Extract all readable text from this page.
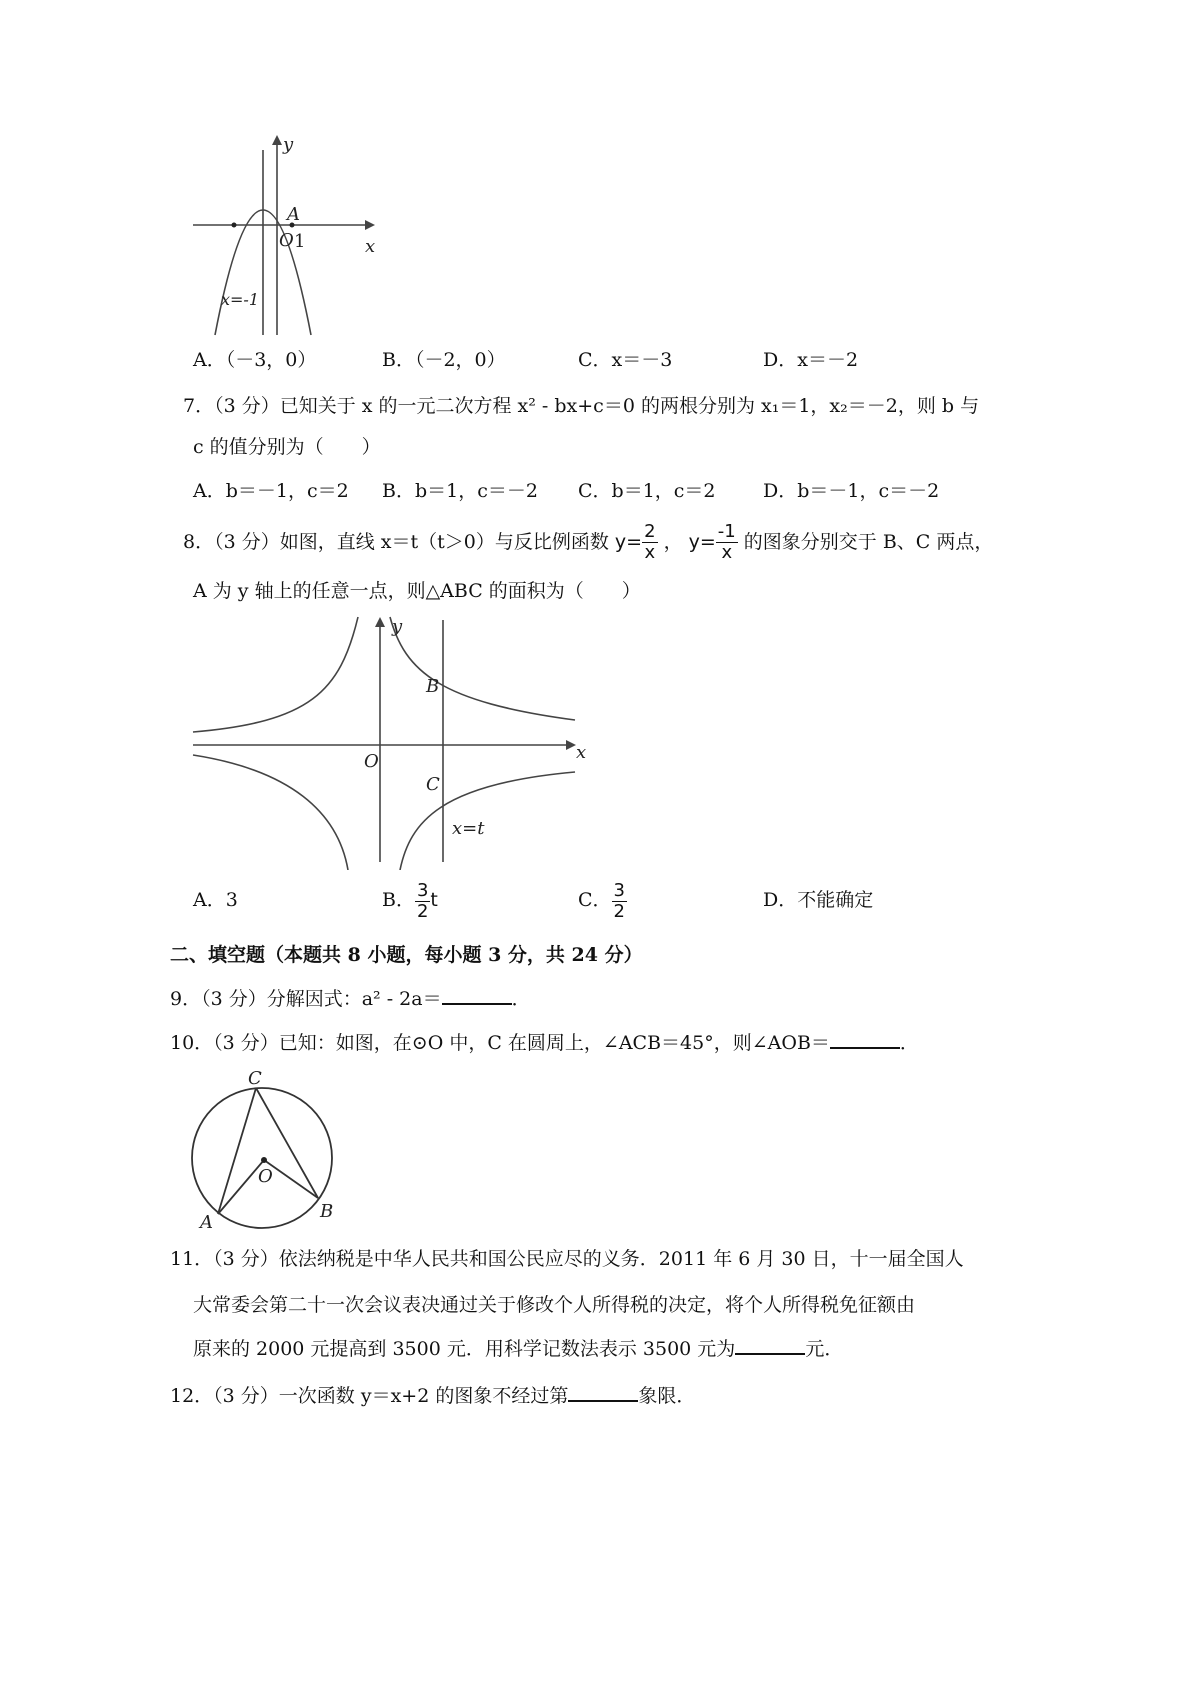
y
x
O
A
1
x=-1
A．（－3，0）	B．（－2，0）	C．x＝－3	D．x＝－2
7．（3 分）已知关于 x 的一元二次方程 x² - bx+c＝0 的两根分别为 x₁＝1，x₂＝－2，则 b 与
c 的值分别为（　　）
A．b＝－1，c＝2 B．b＝1，c＝－2 C．b＝1，c＝2 D．b＝－1，c＝－2
8．（3 分）如图，直线 x＝t（t＞0）与反比例函数 $y= \frac{2}{x}$ ， $y= \frac{-1}{x}$ 的图象分别交于 B、C 两点，
A 为 y 轴上的任意一点，则△ABC 的面积为（　　）
y
x
O
B
C
x=t
A．3	B． $\frac{3}{2}$ t	C． $\frac{3}{2}$	D．不能确定
二、填空题（本题共 8 小题，每小题 3 分，共 24 分）
9．（3 分）分解因式：a² - 2a＝	．
10．（3 分）已知：如图，在⊙O 中，C 在圆周上，∠ACB＝45°，则∠AOB＝	．
C
O
A
B
11．（3 分）依法纳税是中华人民共和国公民应尽的义务．2011 年 6 月 30 日，十一届全国人
大常委会第二十一次会议表决通过关于修改个人所得税的决定，将个人所得税免征额由
原来的 2000 元提高到 3500 元．用科学记数法表示 3500 元为	元．
12．（3 分）一次函数 y＝x+2 的图象不经过第	象限．
